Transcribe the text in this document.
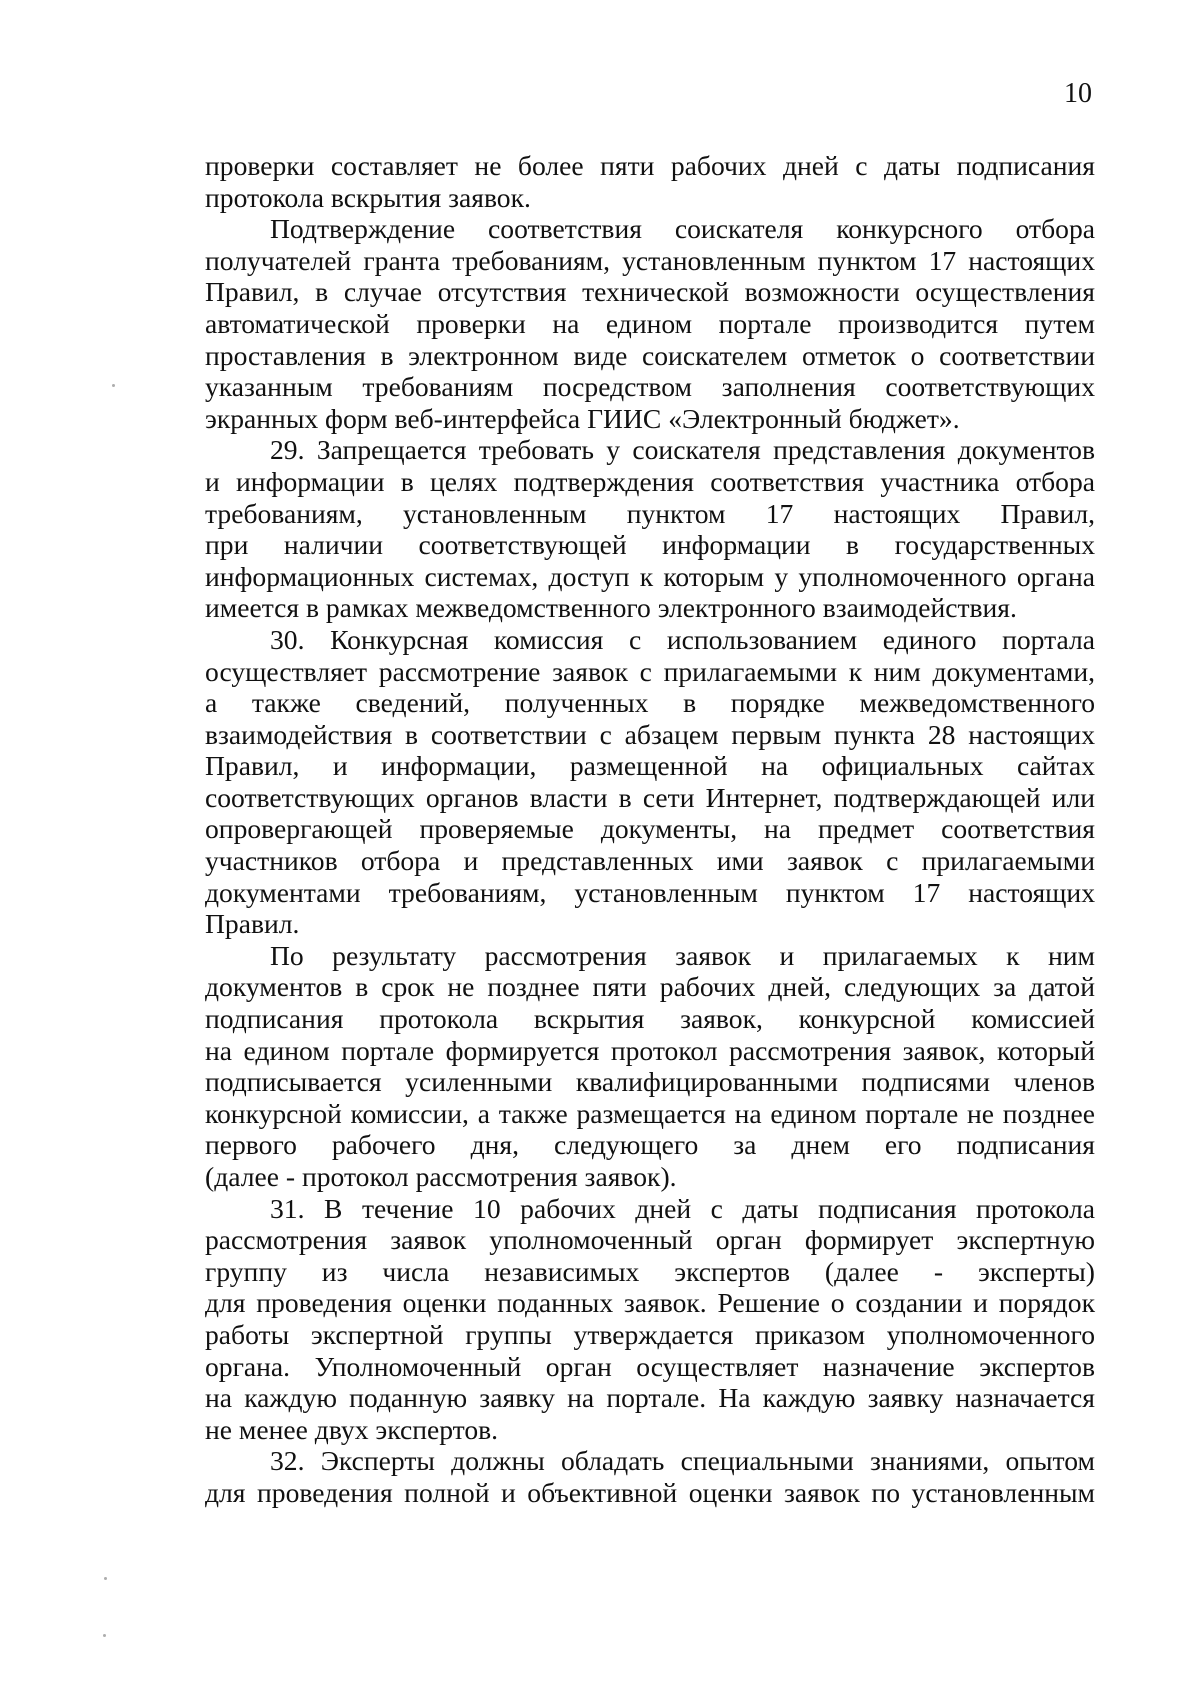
10
проверки составляет не более пяти рабочих дней с даты подписания
протокола вскрытия заявок.
Подтверждение соответствия соискателя конкурсного отбора
получателей гранта требованиям, установленным пунктом 17 настоящих
Правил, в случае отсутствия технической возможности осуществления
автоматической проверки на едином портале производится путем
проставления в электронном виде соискателем отметок о соответствии
указанным требованиям посредством заполнения соответствующих
экранных форм веб-интерфейса ГИИС «Электронный бюджет».
29. Запрещается требовать у соискателя представления документов
и информации в целях подтверждения соответствия участника отбора
требованиям, установленным пунктом 17 настоящих Правил,
при наличии соответствующей информации в государственных
информационных системах, доступ к которым у уполномоченного органа
имеется в рамках межведомственного электронного взаимодействия.
30. Конкурсная комиссия с использованием единого портала
осуществляет рассмотрение заявок с прилагаемыми к ним документами,
а также сведений, полученных в порядке межведомственного
взаимодействия в соответствии с абзацем первым пункта 28 настоящих
Правил, и информации, размещенной на официальных сайтах
соответствующих органов власти в сети Интернет, подтверждающей или
опровергающей проверяемые документы, на предмет соответствия
участников отбора и представленных ими заявок с прилагаемыми
документами требованиям, установленным пунктом 17 настоящих
Правил.
По результату рассмотрения заявок и прилагаемых к ним
документов в срок не позднее пяти рабочих дней, следующих за датой
подписания протокола вскрытия заявок, конкурсной комиссией
на едином портале формируется протокол рассмотрения заявок, который
подписывается усиленными квалифицированными подписями членов
конкурсной комиссии, а также размещается на едином портале не позднее
первого рабочего дня, следующего за днем его подписания
(далее - протокол рассмотрения заявок).
31. В течение 10 рабочих дней с даты подписания протокола
рассмотрения заявок уполномоченный орган формирует экспертную
группу из числа независимых экспертов (далее - эксперты)
для проведения оценки поданных заявок. Решение о создании и порядок
работы экспертной группы утверждается приказом уполномоченного
органа. Уполномоченный орган осуществляет назначение экспертов
на каждую поданную заявку на портале. На каждую заявку назначается
не менее двух экспертов.
32. Эксперты должны обладать специальными знаниями, опытом
для проведения полной и объективной оценки заявок по установленным
